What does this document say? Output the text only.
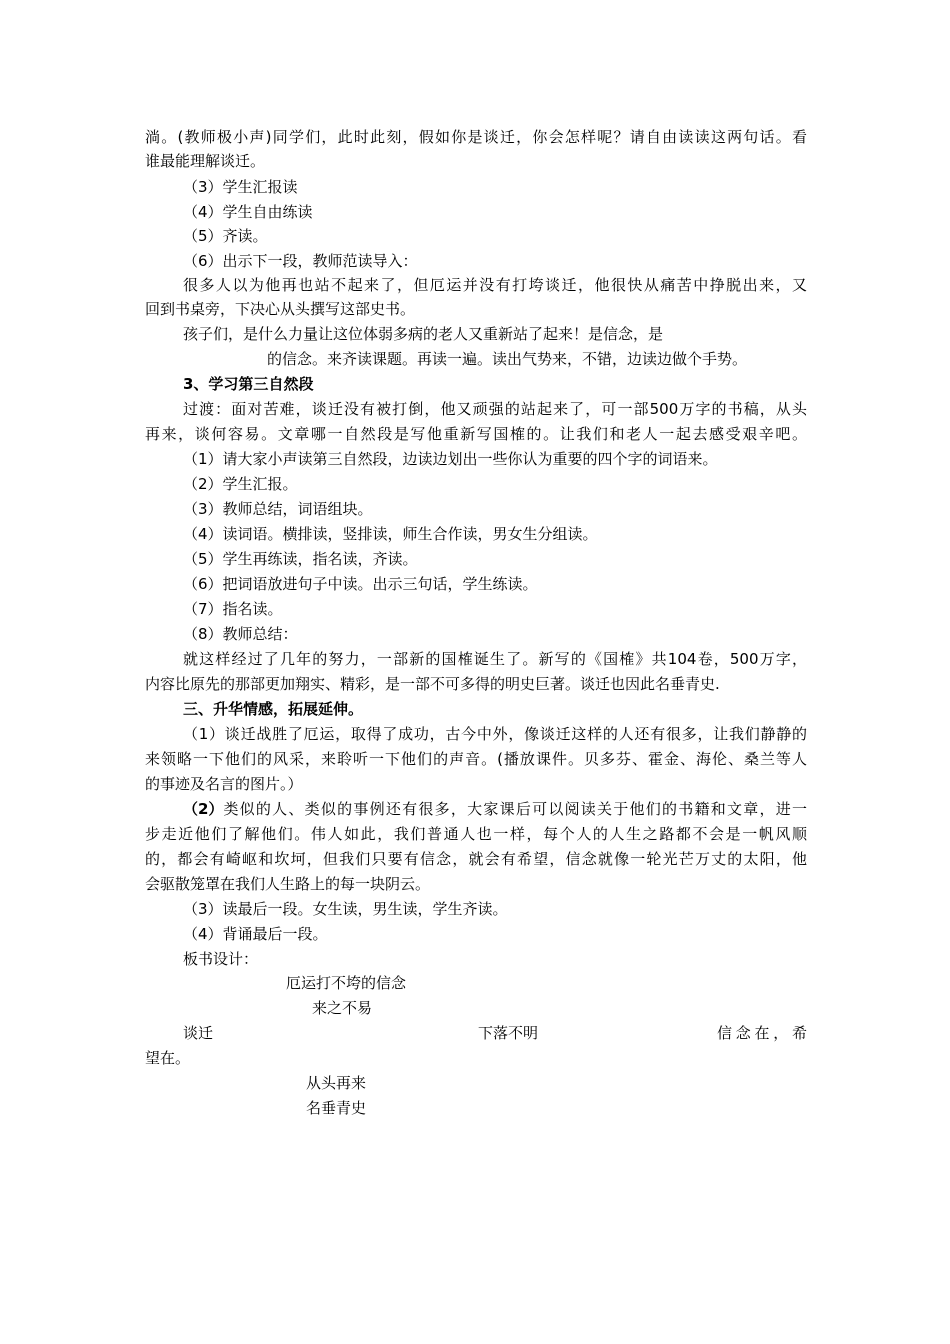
淌。(教师极小声)同学们，此时此刻，假如你是谈迁，你会怎样呢？请自由读读这两句话。看
谁最能理解谈迁。
（3）学生汇报读
（4）学生自由练读
（5）齐读。
（6）出示下一段，教师范读导入：
很多人以为他再也站不起来了，但厄运并没有打垮谈迁，他很快从痛苦中挣脱出来，又
回到书桌旁，下决心从头撰写这部史书。
孩子们，是什么力量让这位体弱多病的老人又重新站了起来！是信念，是
的信念。来齐读课题。再读一遍。读出气势来，不错，边读边做个手势。
3、学习第三自然段
过渡：面对苦难，谈迁没有被打倒，他又顽强的站起来了，可一部500万字的书稿，从头
再来，谈何容易。文章哪一自然段是写他重新写国榷的。让我们和老人一起去感受艰辛吧。
（1）请大家小声读第三自然段，边读边划出一些你认为重要的四个字的词语来。
（2）学生汇报。
（3）教师总结，词语组块。
（4）读词语。横排读，竖排读，师生合作读，男女生分组读。
（5）学生再练读，指名读，齐读。
（6）把词语放进句子中读。出示三句话，学生练读。
（7）指名读。
（8）教师总结：
就这样经过了几年的努力，一部新的国榷诞生了。新写的《国榷》共104卷，500万字，
内容比原先的那部更加翔实、精彩，是一部不可多得的明史巨著。谈迁也因此名垂青史.
三、升华情感，拓展延伸。
（1）谈迁战胜了厄运，取得了成功，古今中外，像谈迁这样的人还有很多，让我们静静的
来领略一下他们的风采，来聆听一下他们的声音。(播放课件。贝多芬、霍金、海伦、桑兰等人
的事迹及名言的图片。）
（2） 类似的人、类似的事例还有很多，大家课后可以阅读关于他们的书籍和文章，进一
步走近他们了解他们。伟人如此，我们普通人也一样，每个人的人生之路都不会是一帆风顺
的，都会有崎岖和坎坷，但我们只要有信念，就会有希望，信念就像一轮光芒万丈的太阳，他
会驱散笼罩在我们人生路上的每一块阴云。
（3）读最后一段。女生读，男生读，学生齐读。
（4）背诵最后一段。
板书设计：
厄运打不垮的信念
来之不易
谈迁	下落不明	信念在，希
望在。
从头再来
名垂青史
